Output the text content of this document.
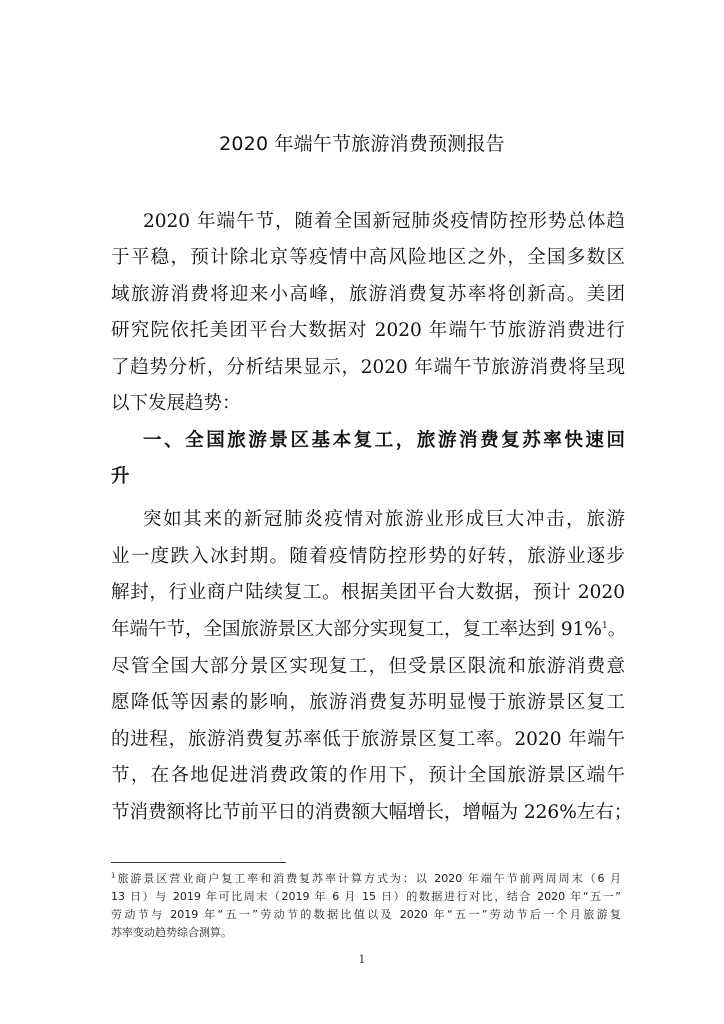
2020 年端午节旅游消费预测报告
2020 年端午节，随着全国新冠肺炎疫情防控形势总体趋
于平稳，预计除北京等疫情中高风险地区之外，全国多数区
域旅游消费将迎来小高峰，旅游消费复苏率将创新高。美团
研究院依托美团平台大数据对 2020 年端午节旅游消费进行
了趋势分析，分析结果显示，2020 年端午节旅游消费将呈现
以下发展趋势：
一、全国旅游景区基本复工，旅游消费复苏率快速回
升
突如其来的新冠肺炎疫情对旅游业形成巨大冲击，旅游
业一度跌入冰封期。随着疫情防控形势的好转，旅游业逐步
解封，行业商户陆续复工。根据美团平台大数据，预计 2020
年端午节，全国旅游景区大部分实现复工，复工率达到 91%$^1$。
尽管全国大部分景区实现复工，但受景区限流和旅游消费意
愿降低等因素的影响，旅游消费复苏明显慢于旅游景区复工
的进程，旅游消费复苏率低于旅游景区复工率。2020 年端午
节，在各地促进消费政策的作用下，预计全国旅游景区端午
节消费额将比节前平日的消费额大幅增长，增幅为 226%左右；
$^1$旅游景区营业商户复工率和消费复苏率计算方式为：以 2020 年端午节前两周周末（6 月
13 日）与 2019 年可比周末（2019 年 6 月 15 日）的数据进行对比，结合 2020 年“五一”
劳动节与 2019 年“五一”劳动节的数据比值以及 2020 年“五一”劳动节后一个月旅游复
苏率变动趋势综合测算。
1
